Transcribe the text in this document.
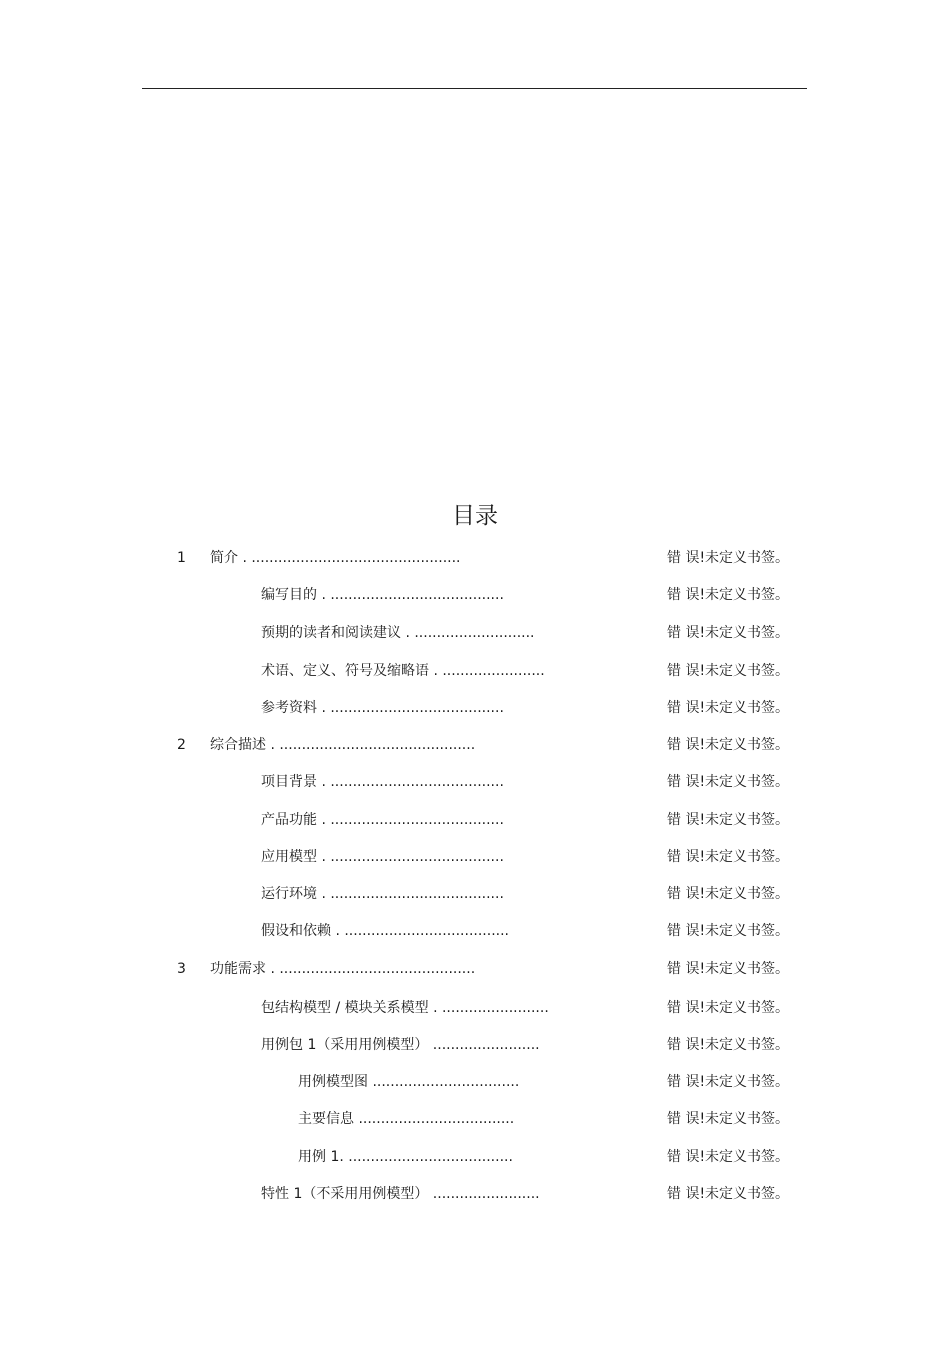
目录
1 简介 . ...............................................	错 误!未定义书签。
编写目的 . .......................................	错 误!未定义书签。
预期的读者和阅读建议 . ...........................	错 误!未定义书签。
术语、定义、符号及缩略语 . .......................	错 误!未定义书签。
参考资料 . .......................................	错 误!未定义书签。
2 综合描述 . ............................................	错 误!未定义书签。
项目背景 . .......................................	错 误!未定义书签。
产品功能 . .......................................	错 误!未定义书签。
应用模型 . .......................................	错 误!未定义书签。
运行环境 . .......................................	错 误!未定义书签。
假设和依赖 . .....................................	错 误!未定义书签。
3 功能需求 . ............................................	错 误!未定义书签。
包结构模型 / 模块关系模型 . ........................	错 误!未定义书签。
用例包 1（采用用例模型） ........................	错 误!未定义书签。
用例模型图 .................................	错 误!未定义书签。
主要信息 ...................................	错 误!未定义书签。
用例 1. .....................................	错 误!未定义书签。
特性 1（不采用用例模型） ........................	错 误!未定义书签。
